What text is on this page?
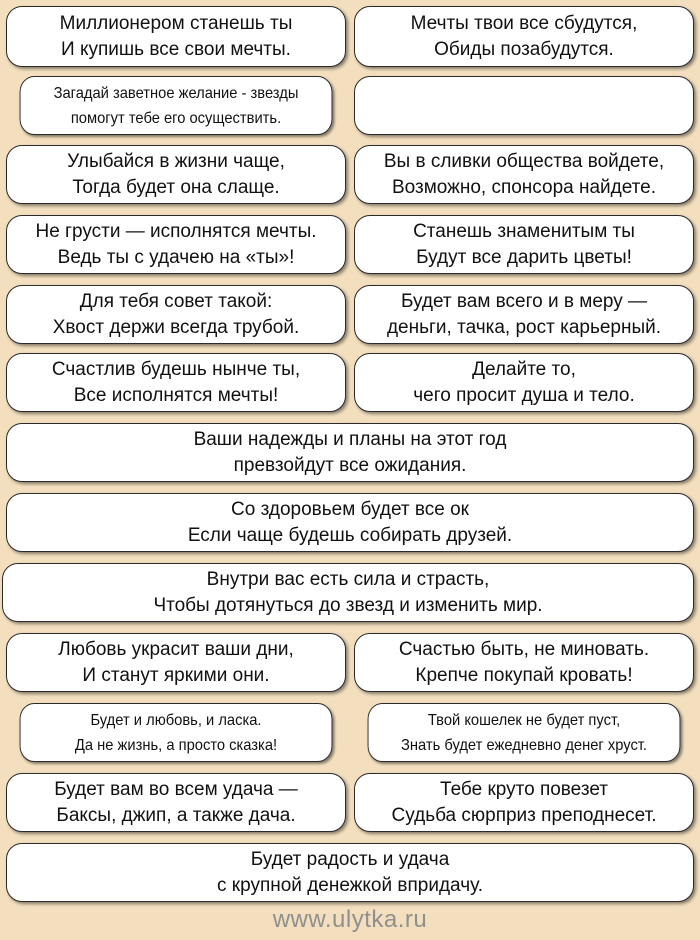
Миллионером станешь ты
И купишь все свои мечты.
Мечты твои все сбудутся,
Обиды позабудутся.
Загадай заветное желание - звезды
помогут тебе его осуществить.
Улыбайся в жизни чаще,
Тогда будет она слаще.
Вы в сливки общества войдете,
Возможно, спонсора найдете.
Не грусти — исполнятся мечты.
Ведь ты с удачею на «ты»!
Станешь знаменитым ты
Будут все дарить цветы!
Для тебя совет такой:
Хвост держи всегда трубой.
Будет вам всего и в меру —
деньги, тачка, рост карьерный.
Счастлив будешь нынче ты,
Все исполнятся мечты!
Делайте то,
чего просит душа и тело.
Ваши надежды и планы на этот год
превзойдут все ожидания.
Со здоровьем будет все ок
Если чаще будешь собирать друзей.
Внутри вас есть сила и страсть,
Чтобы дотянуться до звезд и изменить мир.
Любовь украсит ваши дни,
И станут яркими они.
Счастью быть, не миновать.
Крепче покупай кровать!
Будет и любовь, и ласка.
Да не жизнь, а просто сказка!
Твой кошелек не будет пуст,
Знать будет ежедневно денег хруст.
Будет вам во всем удача —
Баксы, джип, а также дача.
Тебе круто повезет
Судьба сюрприз преподнесет.
Будет радость и удача
с крупной денежкой впридачу.
www.ulytka.ru
